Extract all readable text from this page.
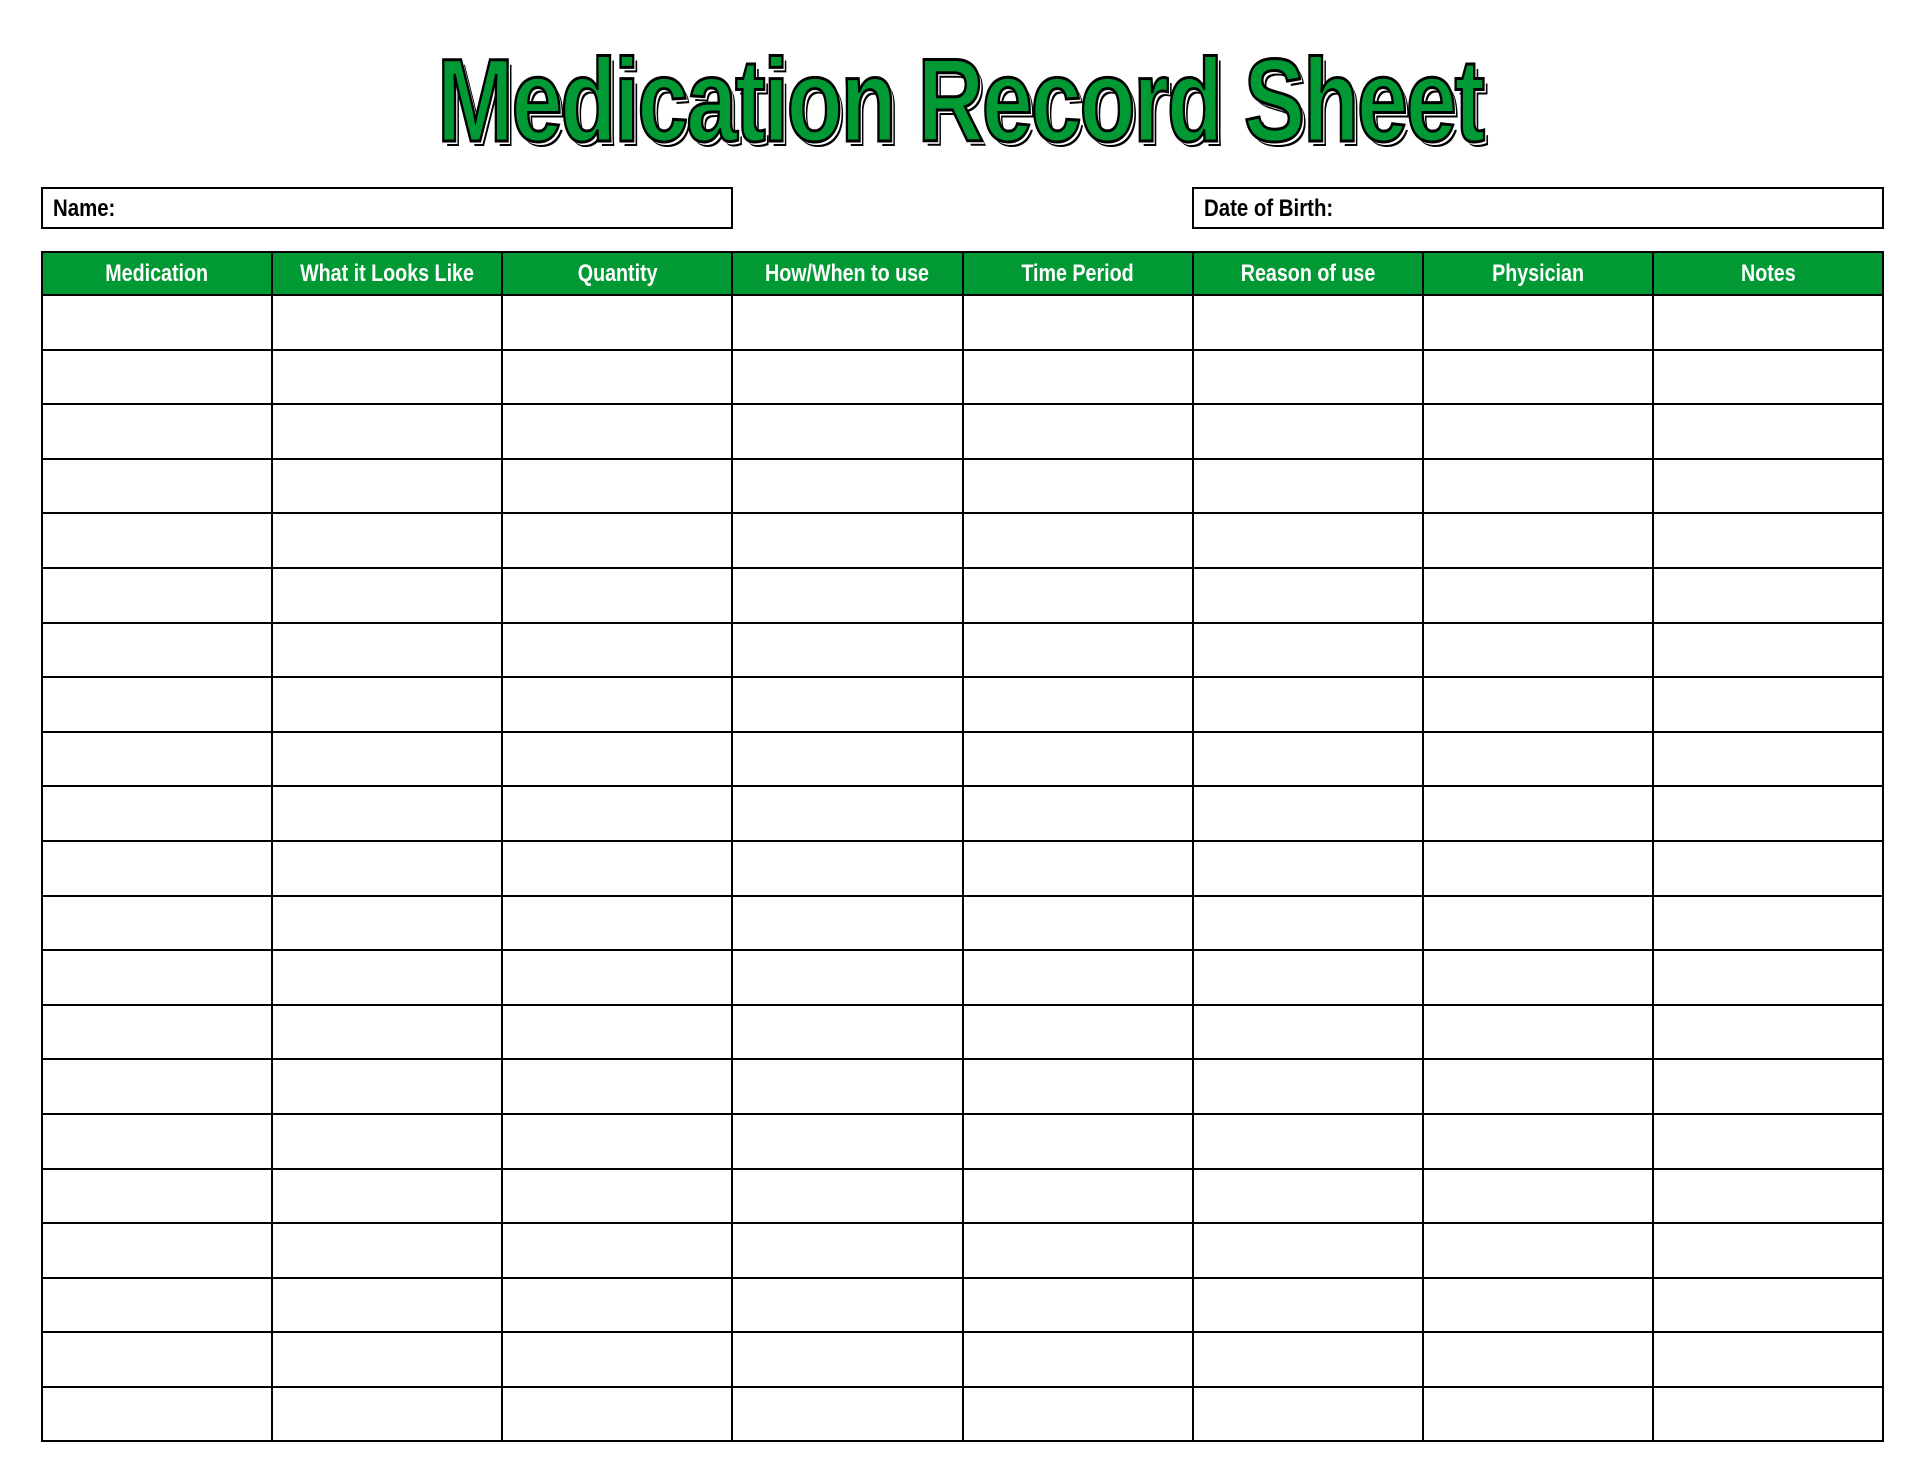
Medication Record Sheet
Name:	Date of Birth:
Medication	What it Looks Like	Quantity	How/When to use	Time Period	Reason of use	Physician	Notes
